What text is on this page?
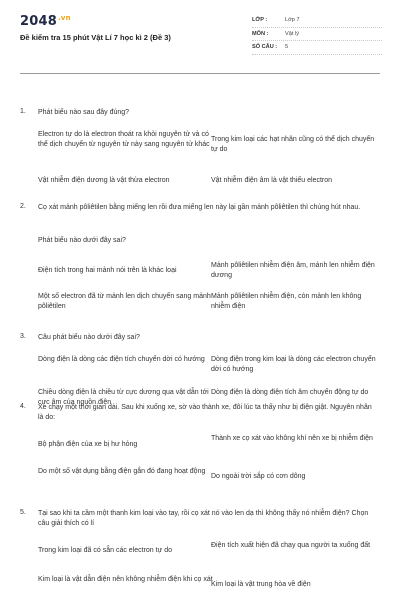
$2048^{.vn}$
Đề kiểm tra 15 phút Vật Lí 7 học kì 2 (Đề 3)
LỚP :	Lớp 7
MÔN :	Vật lý
SỐ CÂU :	5
1. Phát biểu nào sau đây đúng?
Electron tự do là electron thoát ra khỏi nguyên tử và có thể dịch chuyển từ nguyên tử này sang nguyên tử khác
Trong kim loại các hạt nhân cũng có thể dịch chuyển tự do
Vật nhiễm điện dương là vật thừa electron	Vật nhiễm điện âm là vật thiếu electron
2. Cọ xát mảnh pôliêtilen bằng miếng len rồi đưa miếng len này lại gần mảnh pôliêtilen thì chúng hút nhau.
Phát biểu nào dưới đây sai?
Điện tích trong hai mảnh nói trên là khác loại
Mảnh pôliêtilen nhiễm điện âm, mảnh len nhiễm điện dương
Một số electron đã từ mảnh len dịch chuyển sang mảnh pôliêtilen
Mảnh pôliêtilen nhiễm điện, còn mảnh len không nhiễm điện
3. Câu phát biểu nào dưới đây sai?
Dòng điện là dòng các điện tích chuyển dời có hướng Dòng điện trong kim loại là dòng các electron chuyển dời có hướng
Chiều dòng điện là chiều từ cực dương qua vật dẫn tới cực âm của nguồn điện
Dòng điện là dòng điện tích âm chuyển động tự do
4. Xe chạy một thời gian dài. Sau khi xuống xe, sờ vào thành xe, đôi lúc ta thấy như bị điện giật. Nguyên nhân là do:
Bộ phận điện của xe bị hư hỏng
Thành xe cọ xát vào không khí nên xe bị nhiễm điện
Do một số vật dụng bằng điện gắn đó đang hoạt động
Do ngoài trời sắp có cơn dông
5. Tại sao khi ta cầm một thanh kim loại vào tay, rồi cọ xát nó vào len dạ thì không thấy nó nhiễm điện? Chọn câu giải thích có lí
Trong kim loại đã có sẵn các electron tự do
Điện tích xuất hiện đã chạy qua người ta xuống đất
Kim loại là vật dẫn điện nên không nhiễm điện khi cọ xát
Kim loại là vật trung hòa về điện
